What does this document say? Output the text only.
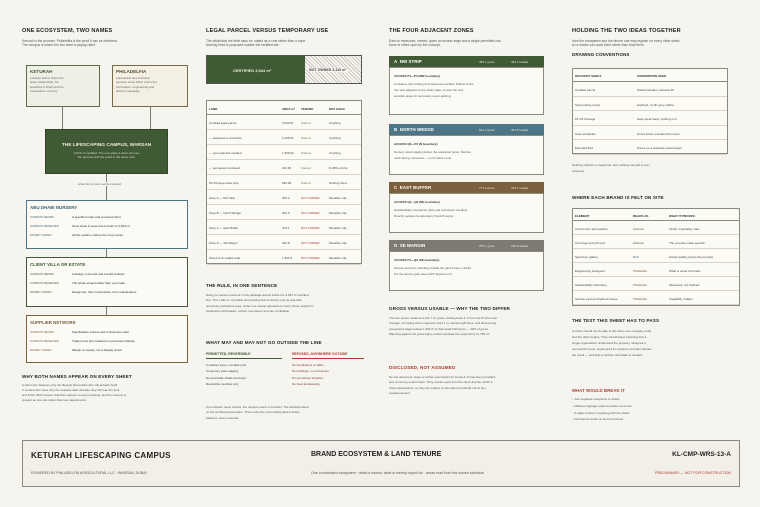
ONE ECOSYSTEM, TWO NAMES
Keturah is the promise. Philadelfia is the proof it can be delivered.
The campus is where the two meet a paying client.
KETURAH
Lifestyle brand. Owns the
client relationship, the
standard of finish and the
expectation of luxury.
PHILADELFIA
Agricultural and technical
operator since 1994. Owns the
horticulture, engineering and
delivery capability.
THE LIFESCAPING CAMPUS, WARSAN
3,544 m² certified. The one place a client can see
the promise and the proof in the same visit.
what the campus sends outward
ABU DHABI NURSERY
CAMPUS SENDS	A specified order and a named client
CAMPUS RECEIVES	Grow stock it never has to hold on 3,544 m²
MONEY TAKEN	All the position, before the crop moves
CLIENT VILLA OR ESTATE
CAMPUS SENDS	A design, a tree list and a build contract
CAMPUS RECEIVES	The whole project rather than a pot sale
MONEY TAKEN	Design fee, then construction, then maintenance
SUPPLIER NETWORK
CAMPUS SENDS	Specification volume and a showroom wall
CAMPUS RECEIVES	Trade terms and material on permanent display
MONEY TAKEN	Margin on supply, not a display rental
WHY BOTH NAMES APPEAR ON EVERY SHEET
A client who believes only the lifestyle brand asks who will actually build
it. A client who sees only the operator asks whether they will lose the look
and finish. Both names, therefore appear on every drawing, and the campus is
present as one site rather than two departments.
LEGAL PARCEL VERSUS TEMPORARY USE
The distinction the brief asks for, stated as a cost rather than a hope.
Nothing fixed is proposed outside the certified site.
CERTIFIED 3,544 m²	NOT OWNED 3,110 m²
LAND	AREA m² TENURE	MAY HOLD
Certified legal parcel	3,543.51 Owned	Anything
— assigned to a function	2,195.51 Owned	Anything
— open planted residual	1,359.00 Owned	Anything
— permanent enclosed	242.00	Owned	8–60% of plot
P1-P4 keep-clear strip	282.00	Owned	Nothing fixed
Zone A — NW Strip	454.4	NOT OWNED	Movable only
Zone B — North Wedge	461.5	NOT OWNED	Movable only
Zone C — East Buffer	479.1	NOT OWNED	Movable only
Zone D — SE Margin	246.8	NOT OWNED	Movable only
Zones A–D usable total	1,391.8	NOT OWNED	Movable only
THE RULE, IN ONE SENTENCE
Every permanent element in this package stands inside the 3,544 m² certified
line. The 1,391 m² of usable surrounding land is shown only as potential
temporary operations area, under one caveat repeated on every sheet: subject to
ownership confirmation, written permission and site verification.
WHAT MAY AND MAY NOT GO OUTSIDE THE LINE
PERMITTED, REVERSIBLE
Container trees, movable pots
Temporary plant staging
Demountable shade and bays
Reversible overflow only
REFUSED, ANYWHERE OUTSIDE
No foundations or slabs
No buildings, no enclosures
No permanent irrigation
No fixed landscaping
If permission never arrives, the campus loses no function. The activities listed
on the certified parcel alone. That is why the surrounding land is drawn
hatched, never coloured.
THE FOUR ADJACENT ZONES
Each is measured, named, given an access edge and a single permitted use.
None is relied upon by the concept.
A NW STRIP	495.1 gross	454.4 usable
ACCESS P1—P3 (NW boundary)
Container-tree holding and seasonal overflow. Widest of the
four and adjacent to the visitor gate, so also the only
sensible place for temporary event parking.
B NORTH WEDGE	591.6 gross	461.5 usable
ACCESS Q3—P3 (N boundary)
Nursery stock staging before the education fence. Narrow
north facing: screened — no fit visitor route.
C EAST BUFFER	773.2 gross	479.1 usable
ACCESS Q1—Q2 (NE boundary)
Sustainability companion plots and instrument overflow.
Directly outside the laboratory block B sector.
D SE MARGIN	255.1 gross	246.8 usable
ACCESS P4—Q2 (SE boundary)
Service and lorry standing outside the yard screen. Useful
but the service gate does NOT depend on it.
GROSS VERSUS USABLE — WHY THE TWO DIFFER
The four zones measure 2,111.7 m² gross. Cutting back 4 m from the P1-P4 road
frontage, removing slivers narrower than 3 m, service right lines, and discounting
unresolved edges leaves 1,391.8 m² that could hold items — 66% of gross.
Planning against the gross figure would overstate the opportunity by 750 m².
DISCLOSED, NOT ASSUMED
No site document, lease or written permission for zones A–D has been provided,
and no survey covers them. They remain open from the client directly, which a
visitor approaches, so they are subject to site-plan and should not fix any
coaxial element.
HOLDING THE TWO IDEAS TOGETHER
How the ecosystem and the tenure rule may register on every other sheet,
so a reader can audit them rather than trust them.
DRAWING CONVENTIONS
ON EVERY SHEET	CONVENTION USED
Certified parcel	Solid boundary, coloured fill
Surrounding zones	Hatched, no fill, grey outline
P1-P4 frontage	Keep-clear band, nothing on it
Area schedules	Gross listed, excluded from sum
Exported files	Zones on a separate named layer
Nothing matches a measured, and nothing counted is ever
coloured.
WHERE EACH BRAND IS FELT ON SITE
ELEMENT	READS AS	WHAT IT PROVES
Arrival court and pavilion	Keturah	Finish, hospitality, calm
AI lounge and off room	Keturah	The promise made specific
Specimen gallery	Both	Grand quality proves the promise
Engineering showyard	Philadelfia	What is under the finish
Sustainability laboratory	Philadelfia	Measured, not claimed
Service yard and back-of-house	Philadelfia	Capability, hidden
THE TEST THIS SHEET HAS TO PASS
A visitor should not be able to tell where one company ends
and the other begins. They should leave believing that a
single organisation understood the property, designed it,
sourced the trees, engineered the systems and will maintain
the result — and that no further consultant is needed.
WHAT WOULD BREAK IT
– Two separate receptions or desks
– Different signage systems inside one fence
– A trade counter competing with the studio
– Permanent works on land not owned
KETURAH LIFESCAPING CAMPUS
POWERED BY PHILADELFIA AGRICULTURAL LLC · WARSAN, DUBAI
BRAND ECOSYSTEM & LAND TENURE
One coordinated ecosystem · what is owned, what is merely hoped for · areas read from the solved schedule
KL-CMP-WRS-13-A
PRELIMINARY — NOT FOR CONSTRUCTION
